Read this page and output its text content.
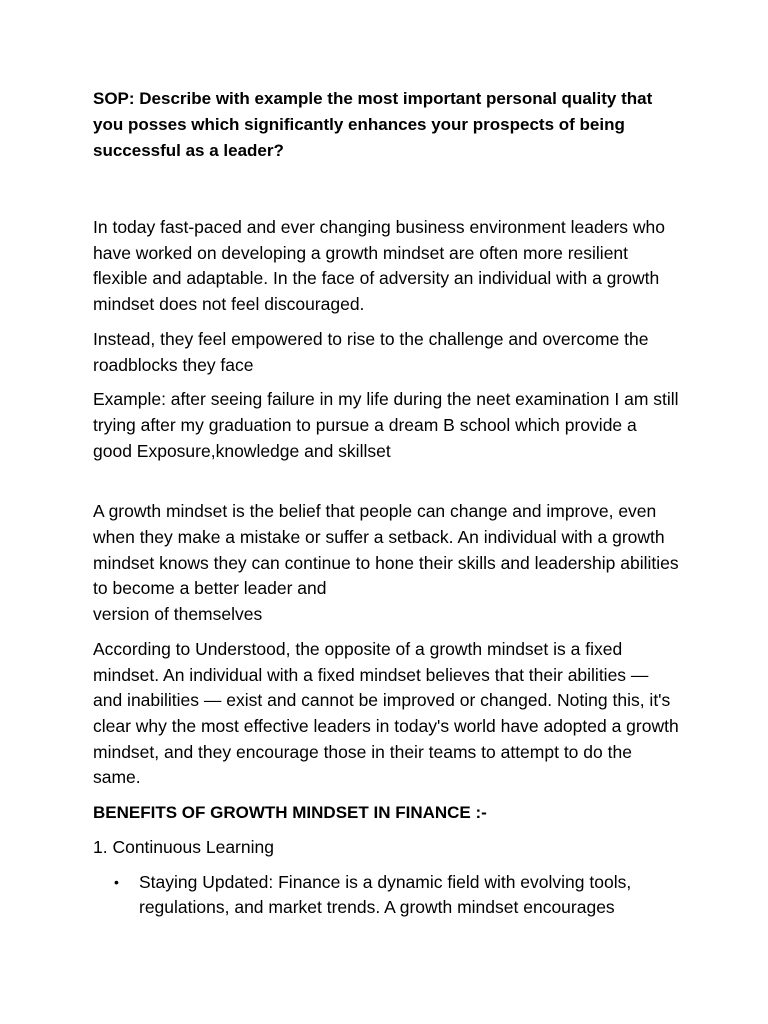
SOP: Describe with example the most important personal quality that you posses which significantly enhances your prospects of being successful as a leader?

In today fast-paced and ever changing business environment leaders who have worked on developing a growth mindset are often more resilient flexible and adaptable. In the face of adversity an individual with a growth mindset does not feel discouraged.

Instead, they feel empowered to rise to the challenge and overcome the roadblocks they face

Example: after seeing failure in my life during the neet examination I am still trying after my graduation to pursue a dream B school which provide a good Exposure,knowledge and skillset

A growth mindset is the belief that people can change and improve, even when they make a mistake or suffer a setback. An individual with a growth mindset knows they can continue to hone their skills and leadership abilities to become a better leader and
version of themselves

According to Understood, the opposite of a growth mindset is a fixed mindset. An individual with a fixed mindset believes that their abilities — and inabilities — exist and cannot be improved or changed. Noting this, it's clear why the most effective leaders in today's world have adopted a growth mindset, and they encourage those in their teams to attempt to do the same.

BENEFITS OF GROWTH MINDSET IN FINANCE :-

1. Continuous Learning

• Staying Updated: Finance is a dynamic field with evolving tools, regulations, and market trends. A growth mindset encourages
